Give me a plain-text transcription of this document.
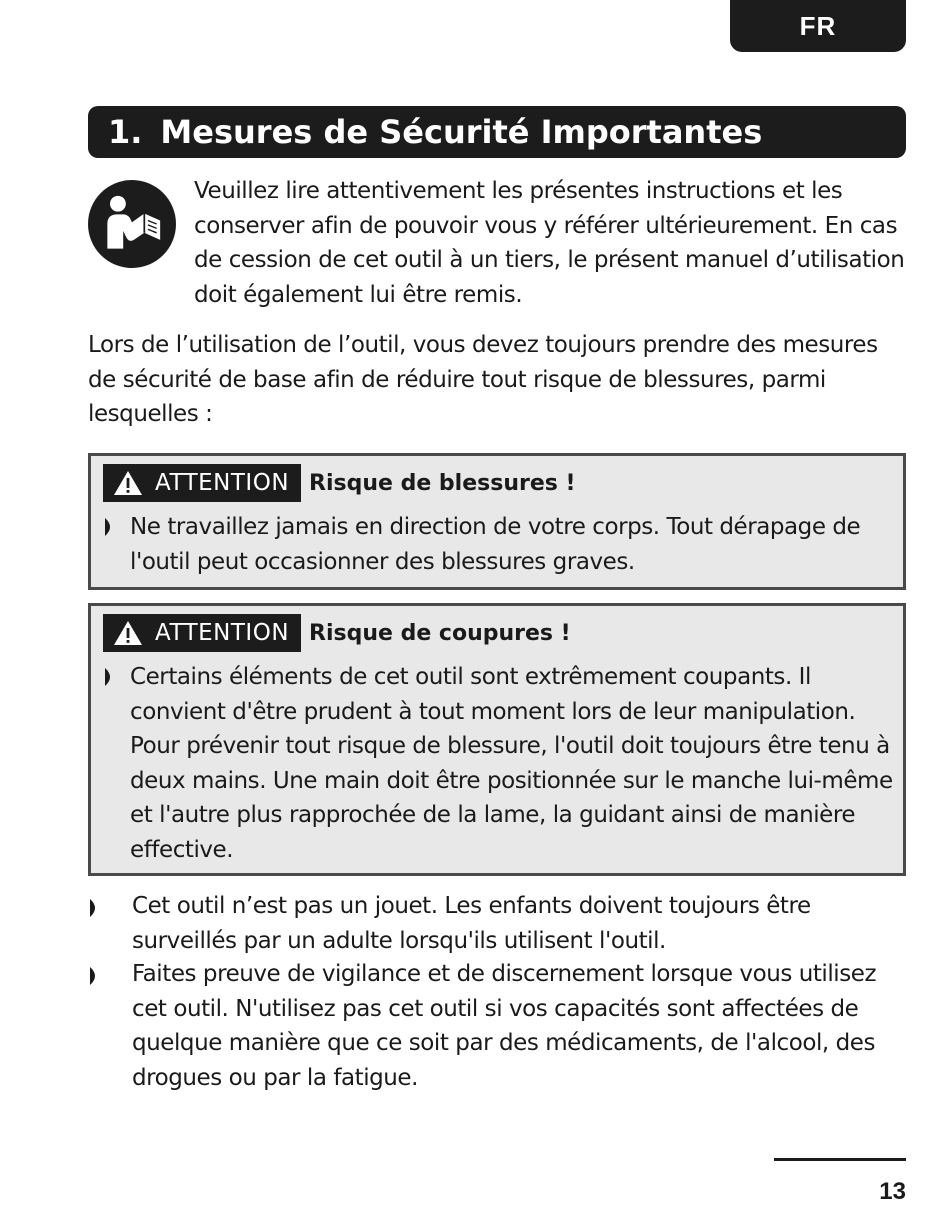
FR
1. Mesures de Sécurité Importantes

Veuillez lire attentivement les présentes instructions et les conserver afin de pouvoir vous y référer ultérieurement. En cas de cession de cet outil à un tiers, le présent manuel d’utilisation doit également lui être remis.

Lors de l’utilisation de l’outil, vous devez toujours prendre des mesures de sécurité de base afin de réduire tout risque de blessures, parmi lesquelles :

ATTENTION Risque de blessures !

Ne travaillez jamais en direction de votre corps. Tout dérapage de l'outil peut occasionner des blessures graves.

ATTENTION Risque de coupures !

Certains éléments de cet outil sont extrêmement coupants. Il convient d'être prudent à tout moment lors de leur manipulation. Pour prévenir tout risque de blessure, l'outil doit toujours être tenu à deux mains. Une main doit être positionnée sur le manche lui-même et l'autre plus rapprochée de la lame, la guidant ainsi de manière effective.

Cet outil n’est pas un jouet. Les enfants doivent toujours être surveillés par un adulte lorsqu'ils utilisent l'outil.

Faites preuve de vigilance et de discernement lorsque vous utilisez cet outil. N'utilisez pas cet outil si vos capacités sont affectées de quelque manière que ce soit par des médicaments, de l'alcool, des drogues ou par la fatigue.

13
